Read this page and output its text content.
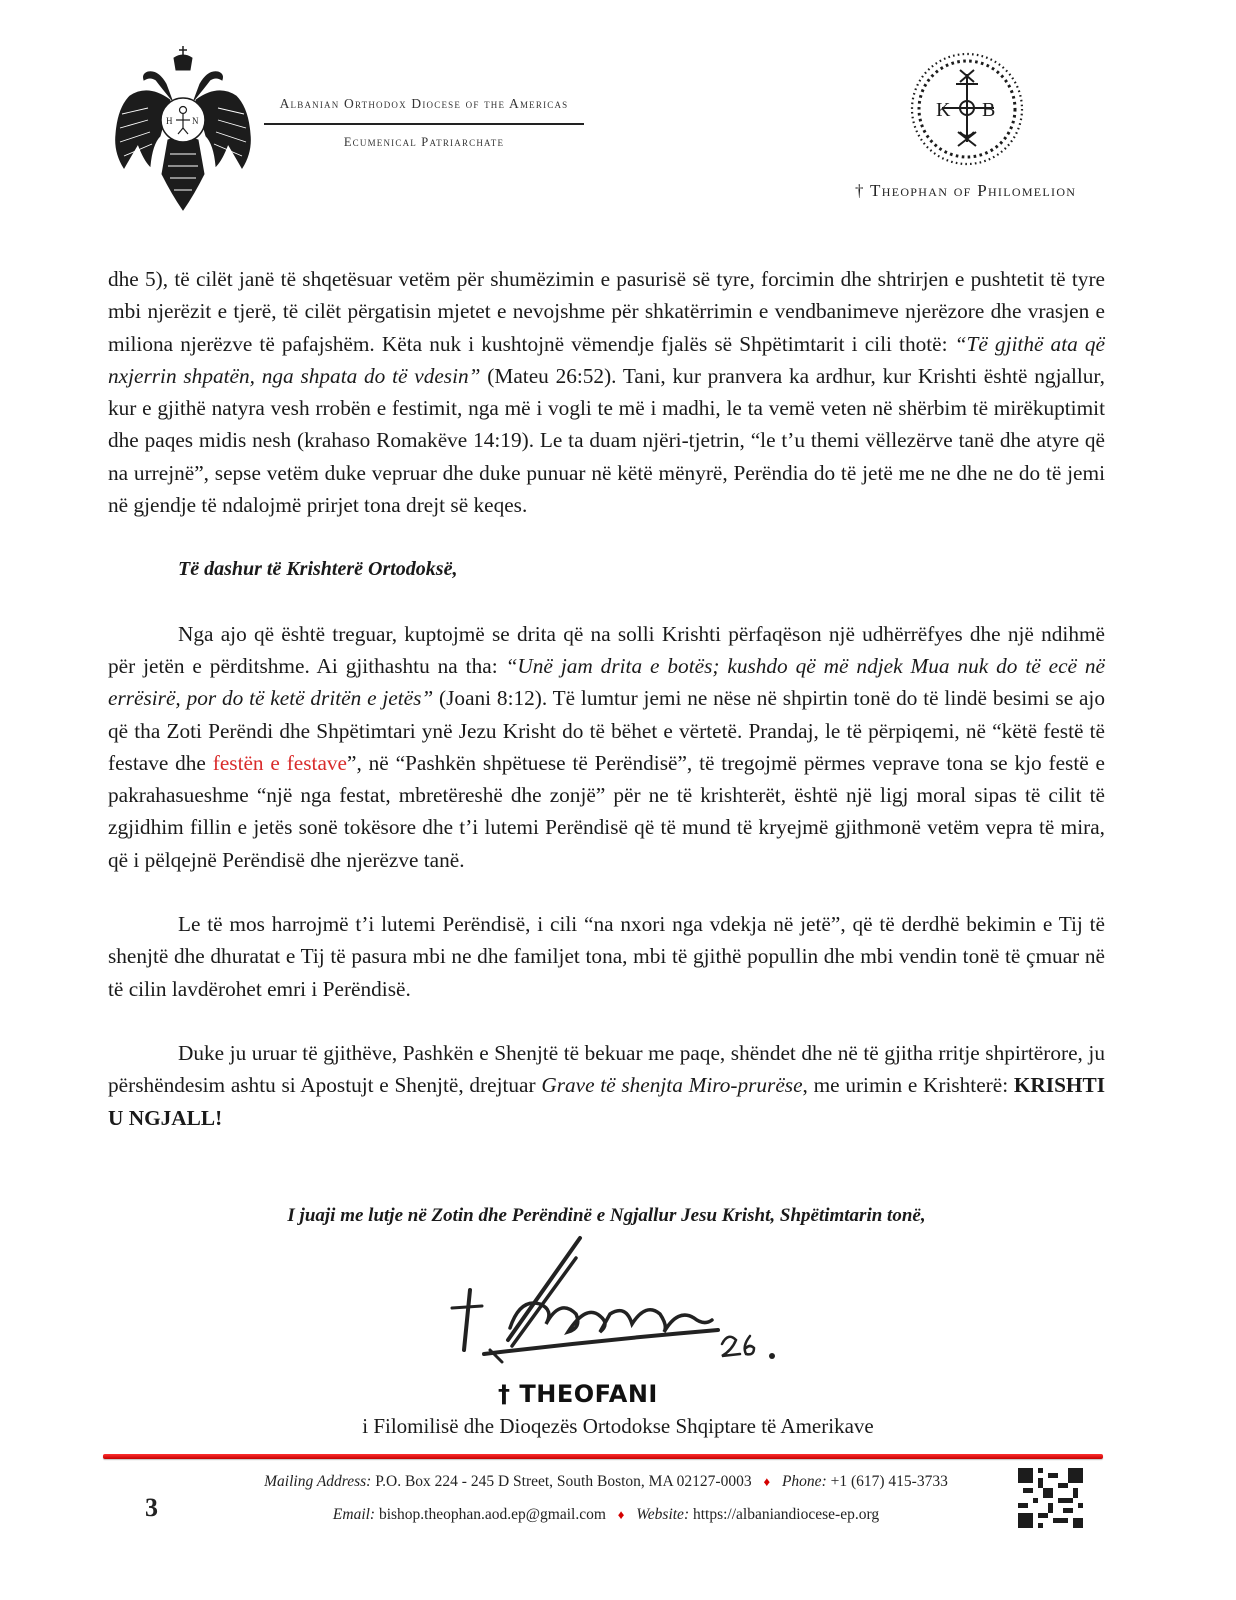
H N
Albanian Orthodox Diocese of the Americas
Ecumenical Patriarchate
K B
† Theophan of Philomelion

dhe 5), të cilët janë të shqetësuar vetëm për shumëzimin e pasurisë së tyre, forcimin dhe shtrirjen e pushtetit të tyre mbi njerëzit e tjerë, të cilët përgatisin mjetet e nevojshme për shkatërrimin e vendbanimeve njerëzore dhe vrasjen e miliona njerëzve të pafajshëm. Këta nuk i kushtojnë vëmendje fjalës së Shpëtimtarit i cili thotë: “Të gjithë ata që nxjerrin shpatën, nga shpata do të vdesin” (Mateu 26:52). Tani, kur pranvera ka ardhur, kur Krishti është ngjallur, kur e gjithë natyra vesh rrobën e festimit, nga më i vogli te më i madhi, le ta vemë veten në shërbim të mirëkuptimit dhe paqes midis nesh (krahaso Romakëve 14:19). Le ta duam njëri-tjetrin, “le t’u themi vëllezërve tanë dhe atyre që na urrejnë”, sepse vetëm duke vepruar dhe duke punuar në këtë mënyrë, Perëndia do të jetë me ne dhe ne do të jemi në gjendje të ndalojmë prirjet tona drejt së keqes.

Të dashur të Krishterë Ortodoksë,

Nga ajo që është treguar, kuptojmë se drita që na solli Krishti përfaqëson një udhërrëfyes dhe një ndihmë për jetën e përditshme. Ai gjithashtu na tha: “Unë jam drita e botës; kushdo që më ndjek Mua nuk do të ecë në errësirë, por do të ketë dritën e jetës” (Joani 8:12). Të lumtur jemi ne nëse në shpirtin tonë do të lindë besimi se ajo që tha Zoti Perëndi dhe Shpëtimtari ynë Jezu Krisht do të bëhet e vërtetë. Prandaj, le të përpiqemi, në “këtë festë të festave dhe festën e festave”, në “Pashkën shpëtuese të Perëndisë”, të tregojmë përmes veprave tona se kjo festë e pakrahasueshme “një nga festat, mbretëreshë dhe zonjë” për ne të krishterët, është një ligj moral sipas të cilit të zgjidhim fillin e jetës sonë tokësore dhe t’i lutemi Perëndisë që të mund të kryejmë gjithmonë vetëm vepra të mira, që i pëlqejnë Perëndisë dhe njerëzve tanë.

Le të mos harrojmë t’i lutemi Perëndisë, i cili “na nxori nga vdekja në jetë”, që të derdhë bekimin e Tij të shenjtë dhe dhuratat e Tij të pasura mbi ne dhe familjet tona, mbi të gjithë popullin dhe mbi vendin tonë të çmuar në të cilin lavdërohet emri i Perëndisë.

Duke ju uruar të gjithëve, Pashkën e Shenjtë të bekuar me paqe, shëndet dhe në të gjitha rritje shpirtërore, ju përshëndesim ashtu si Apostujt e Shenjtë, drejtuar Grave të shenjta Miro-prurëse, me urimin e Krishterë: KRISHTI U NGJALL!

I juaji me lutje në Zotin dhe Perëndinë e Ngjallur Jesu Krisht, Shpëtimtarin tonë,
† THEOFANI
i Filomilisë dhe Dioqezës Ortodokse Shqiptare të Amerikave
3
Mailing Address: P.O. Box 224 - 245 D Street, South Boston, MA 02127-0003 ♦ Phone: +1 (617) 415-3733
Email: bishop.theophan.aod.ep@gmail.com ♦ Website: https://albaniandiocese-ep.org
